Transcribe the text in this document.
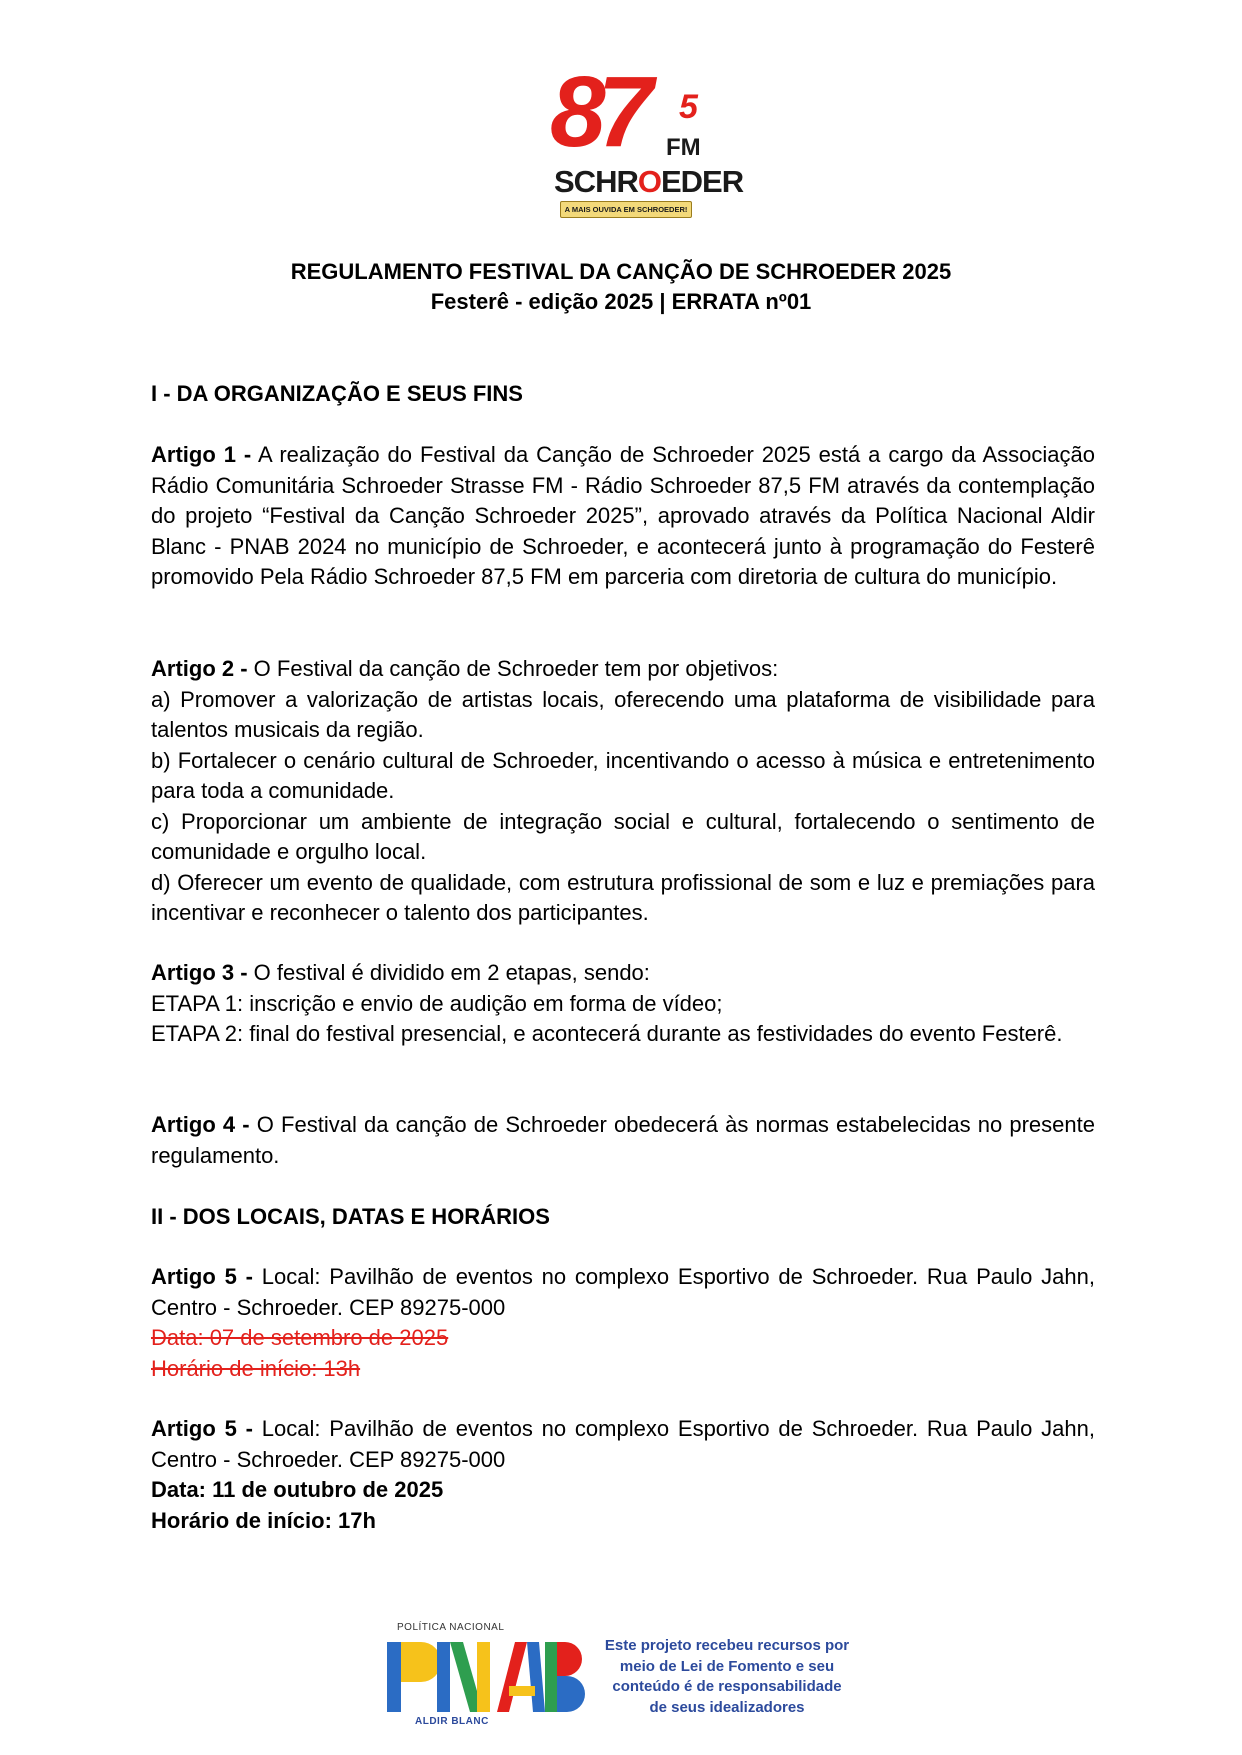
87 5
FM
SCHROEDER
A MAIS OUVIDA EM SCHROEDER!
REGULAMENTO FESTIVAL DA CANÇÃO DE SCHROEDER 2025
Festerê - edição 2025 | ERRATA nº01
I - DA ORGANIZAÇÃO E SEUS FINS
Artigo 1 - A realização do Festival da Canção de Schroeder 2025 está a cargo da Associação Rádio Comunitária Schroeder Strasse FM - Rádio Schroeder 87,5 FM através da contemplação do projeto “Festival da Canção Schroeder 2025”, aprovado através da Política Nacional Aldir Blanc - PNAB 2024 no município de Schroeder, e acontecerá junto à programação do Festerê promovido Pela Rádio Schroeder 87,5 FM em parceria com diretoria de cultura do município.
Artigo 2 - O Festival da canção de Schroeder tem por objetivos:
a) Promover a valorização de artistas locais, oferecendo uma plataforma de visibilidade para talentos musicais da região.
b) Fortalecer o cenário cultural de Schroeder, incentivando o acesso à música e entretenimento para toda a comunidade.
c) Proporcionar um ambiente de integração social e cultural, fortalecendo o sentimento de comunidade e orgulho local.
d) Oferecer um evento de qualidade, com estrutura profissional de som e luz e premiações para incentivar e reconhecer o talento dos participantes.
Artigo 3 - O festival é dividido em 2 etapas, sendo:
ETAPA 1: inscrição e envio de audição em forma de vídeo;
ETAPA 2: final do festival presencial, e acontecerá durante as festividades do evento Festerê.
Artigo 4 - O Festival da canção de Schroeder obedecerá às normas estabelecidas no presente regulamento.
II - DOS LOCAIS, DATAS E HORÁRIOS
Artigo 5 - Local: Pavilhão de eventos no complexo Esportivo de Schroeder. Rua Paulo Jahn, Centro - Schroeder. CEP 89275-000
Data: 07 de setembro de 2025
Horário de início: 13h
Artigo 5 - Local: Pavilhão de eventos no complexo Esportivo de Schroeder. Rua Paulo Jahn, Centro - Schroeder. CEP 89275-000
Data: 11 de outubro de 2025
Horário de início: 17h
POLÍTICA NACIONAL
PNAB
ALDIR BLANC
Este projeto recebeu recursos por meio de Lei de Fomento e seu conteúdo é de responsabilidade de seus idealizadores
